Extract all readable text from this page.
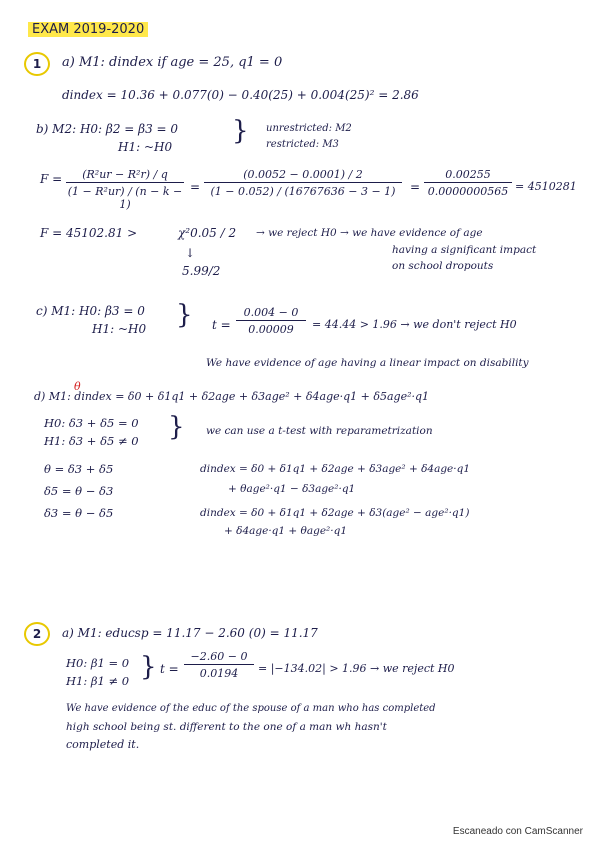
EXAM 2019-2020
1	a) M1: dindex if age = 25, q1 = 0
dindex = 10.36 + 0.077(0) − 0.40(25) + 0.004(25)² = 2.86
b) M2: H0: β2 = β3 = 0
H1: ~H0
} unrestricted: M2
restricted: M3
$F = \frac{\text{(R²ur − R²r) / q}}{\text{(1 − R²ur) / (n − k − 1)}} = \frac{(0.0052 - 0.0001) / 2}{(1 - 0.052) / (16767636 - 3 - 1)} = \frac{0.00255}{0.0000000565} = 4510281$
F = 45102.81 >	χ²0.05 / 2 → we reject H0 → we have evidence of age
having a significant impact
on school dropouts
↓
5.99/2
c) M1: H0: β3 = 0
H1: ~H0 } $t = \frac{0.004 - 0}{0.00009} = 44.44 > 1.96$ → we don't reject H0
We have evidence of age having a linear impact on disability
θ
d) M1: dindex = δ0 + δ1q1 + δ2age + δ3age² + δ4age·q1 + δ5age²·q1
H0: δ3 + δ5 = 0
H1: δ3 + δ5 ≠ 0 } we can use a t-test with reparametrization
θ = δ3 + δ5
δ5 = θ − δ3
δ3 = θ − δ5
dindex = δ0 + δ1q1 + δ2age + δ3age² + δ4age·q1
+ θage²·q1 − δ3age²·q1
dindex = δ0 + δ1q1 + δ2age + δ3(age² − age²·q1)
+ δ4age·q1 + θage²·q1
2	a) M1: educsp = 11.17 − 2.60 (0) = 11.17
H0: β1 = 0
H1: β1 ≠ 0 } $t = \frac{-2.60 - 0}{0.0194} = |-134.02| > 1.96$ → we reject H0
We have evidence of the educ of the spouse of a man who has completed
high school being st. different to the one of a man wh hasn't
completed it.
Escaneado con CamScanner
